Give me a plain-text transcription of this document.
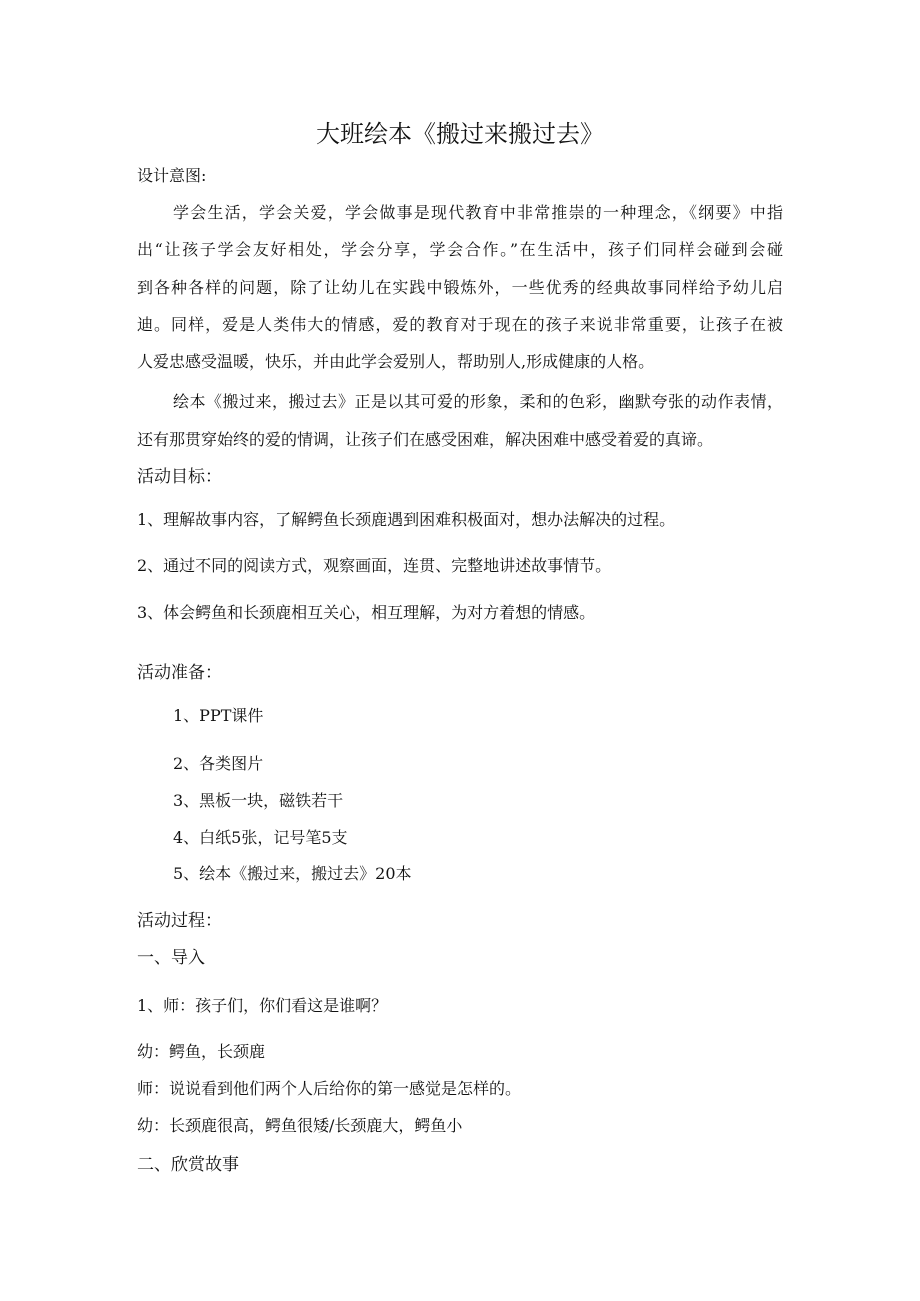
大班绘本《搬过来搬过去》
设计意图:
学会生活，学会关爱，学会做事是现代教育中非常推崇的一种理念，《纲要》中指
出“让孩子学会友好相处，学会分享，学会合作。”在生活中，孩子们同样会碰到会碰
到各种各样的问题，除了让幼儿在实践中锻炼外，一些优秀的经典故事同样给予幼儿启
迪。同样，爱是人类伟大的情感，爱的教育对于现在的孩子来说非常重要，让孩子在被
人爱忠感受温暖，快乐，并由此学会爱别人，帮助别人,形成健康的人格。
绘本《搬过来，搬过去》正是以其可爱的形象，柔和的色彩，幽默夸张的动作表情，
还有那贯穿始终的爱的情调，让孩子们在感受困难，解决困难中感受着爱的真谛。
活动目标：
1、理解故事内容，了解鳄鱼长颈鹿遇到困难积极面对，想办法解决的过程。
2、通过不同的阅读方式，观察画面，连贯、完整地讲述故事情节。
3、体会鳄鱼和长颈鹿相互关心，相互理解，为对方着想的情感。
活动准备：
1、PPT课件
2、各类图片
3、黑板一块，磁铁若干
4、白纸5张，记号笔5支
5、绘本《搬过来，搬过去》20本
活动过程：
一、导入
1、师：孩子们，你们看这是谁啊？
幼：鳄鱼，长颈鹿
师：说说看到他们两个人后给你的第一感觉是怎样的。
幼：长颈鹿很高，鳄鱼很矮/长颈鹿大，鳄鱼小
二、欣赏故事
